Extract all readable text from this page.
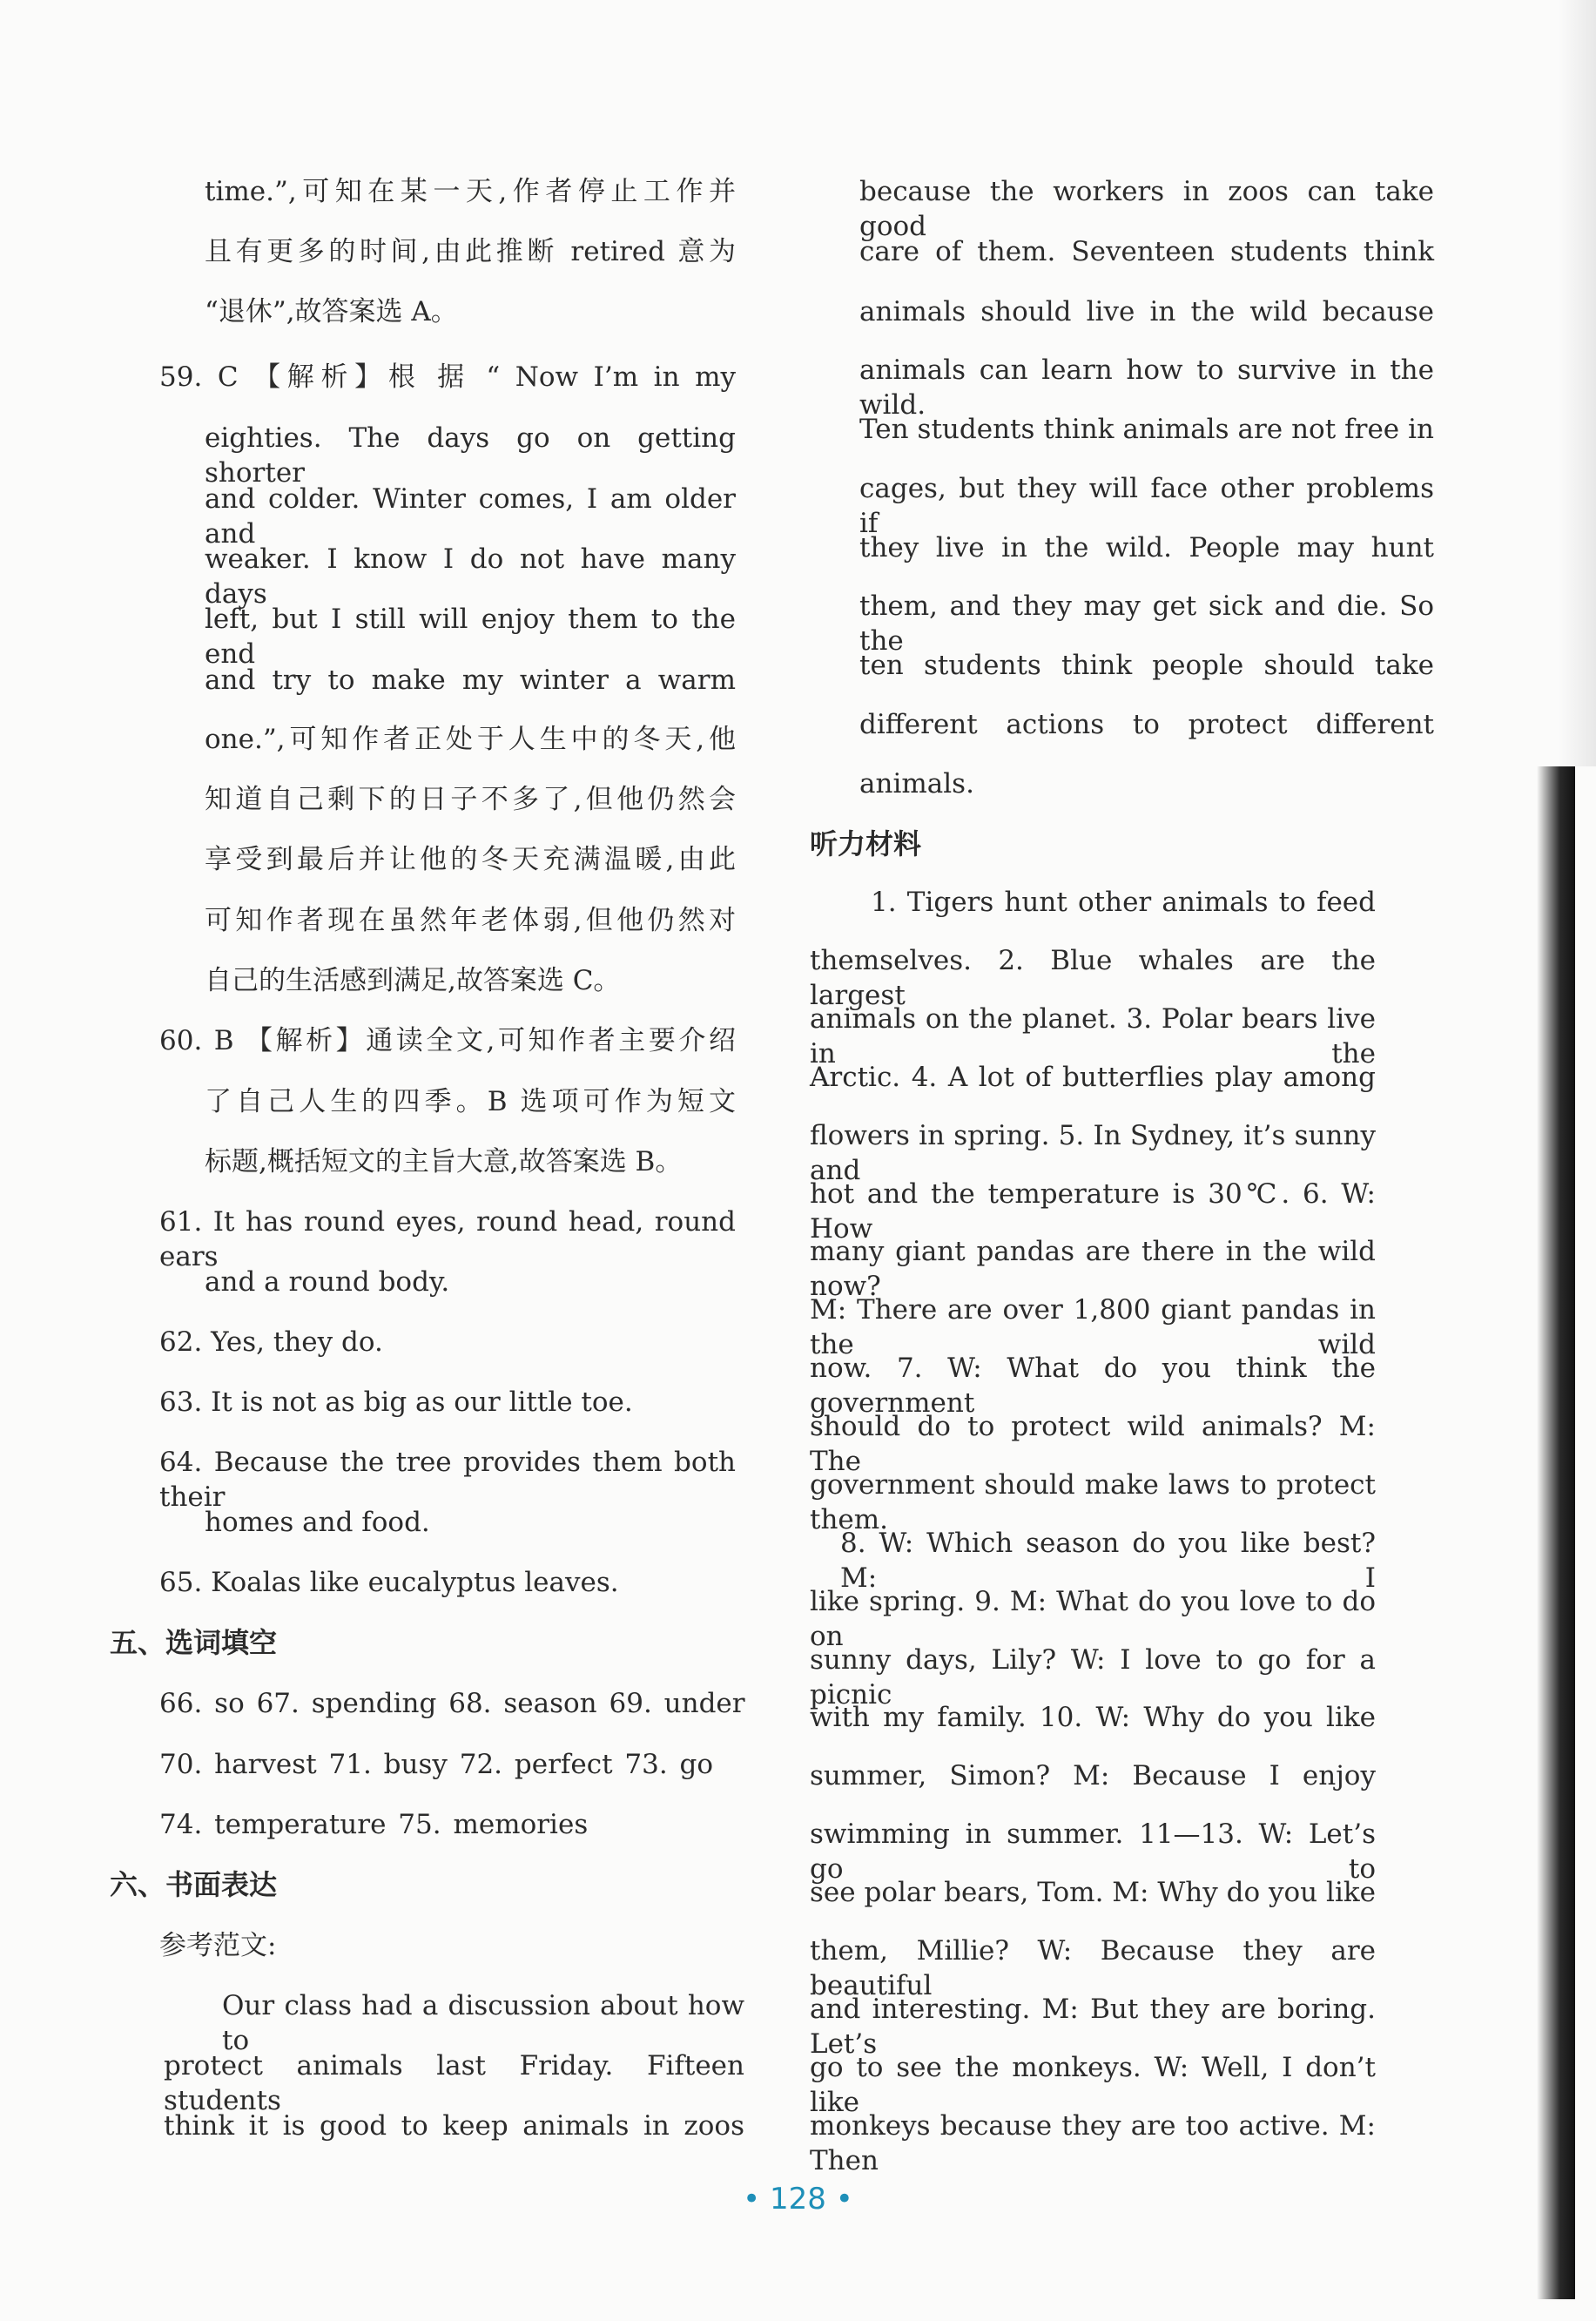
time.”,可知在某一天,作者停止工作并
且有更多的时间,由此推断 retired 意为
“退休”,故答案选 A。
59. C 【解析】根 据 “ Now I’m in my
eighties. The days go on getting shorter
and colder. Winter comes, I am older and
weaker. I know I do not have many days
left, but I still will enjoy them to the end
and try to make my winter a warm
one.”,可知作者正处于人生中的冬天,他
知道自己剩下的日子不多了,但他仍然会
享受到最后并让他的冬天充满温暖,由此
可知作者现在虽然年老体弱,但他仍然对
自己的生活感到满足,故答案选 C。
60. B 【解析】通读全文,可知作者主要介绍
了自己人生的四季。B 选项可作为短文
标题,概括短文的主旨大意,故答案选 B。
61. It has round eyes, round head, round ears
and a round body.
62. Yes, they do.
63. It is not as big as our little toe.
64. Because the tree provides them both their
homes and food.
65. Koalas like eucalyptus leaves.
五、选词填空
66. so 67. spending 68. season 69. under
70. harvest 71. busy 72. perfect 73. go
74. temperature 75. memories
六、书面表达
参考范文:
Our class had a discussion about how to
protect animals last Friday. Fifteen students
think it is good to keep animals in zoos
because the workers in zoos can take good
care of them. Seventeen students think
animals should live in the wild because
animals can learn how to survive in the wild.
Ten students think animals are not free in
cages, but they will face other problems if
they live in the wild. People may hunt
them, and they may get sick and die. So the
ten students think people should take
different actions to protect different
animals.
听力材料
1. Tigers hunt other animals to feed
themselves. 2. Blue whales are the largest
animals on the planet. 3. Polar bears live in the
Arctic. 4. A lot of butterflies play among
flowers in spring. 5. In Sydney, it’s sunny and
hot and the temperature is 30℃. 6. W: How
many giant pandas are there in the wild now?
M: There are over 1,800 giant pandas in the wild
now. 7. W: What do you think the government
should do to protect wild animals? M: The
government should make laws to protect them.
8. W: Which season do you like best? M: I
like spring. 9. M: What do you love to do on
sunny days, Lily? W: I love to go for a picnic
with my family. 10. W: Why do you like
summer, Simon? M: Because I enjoy
swimming in summer. 11—13. W: Let’s go to
see polar bears, Tom. M: Why do you like
them, Millie? W: Because they are beautiful
and interesting. M: But they are boring. Let’s
go to see the monkeys. W: Well, I don’t like
monkeys because they are too active. M: Then
• 128 •
